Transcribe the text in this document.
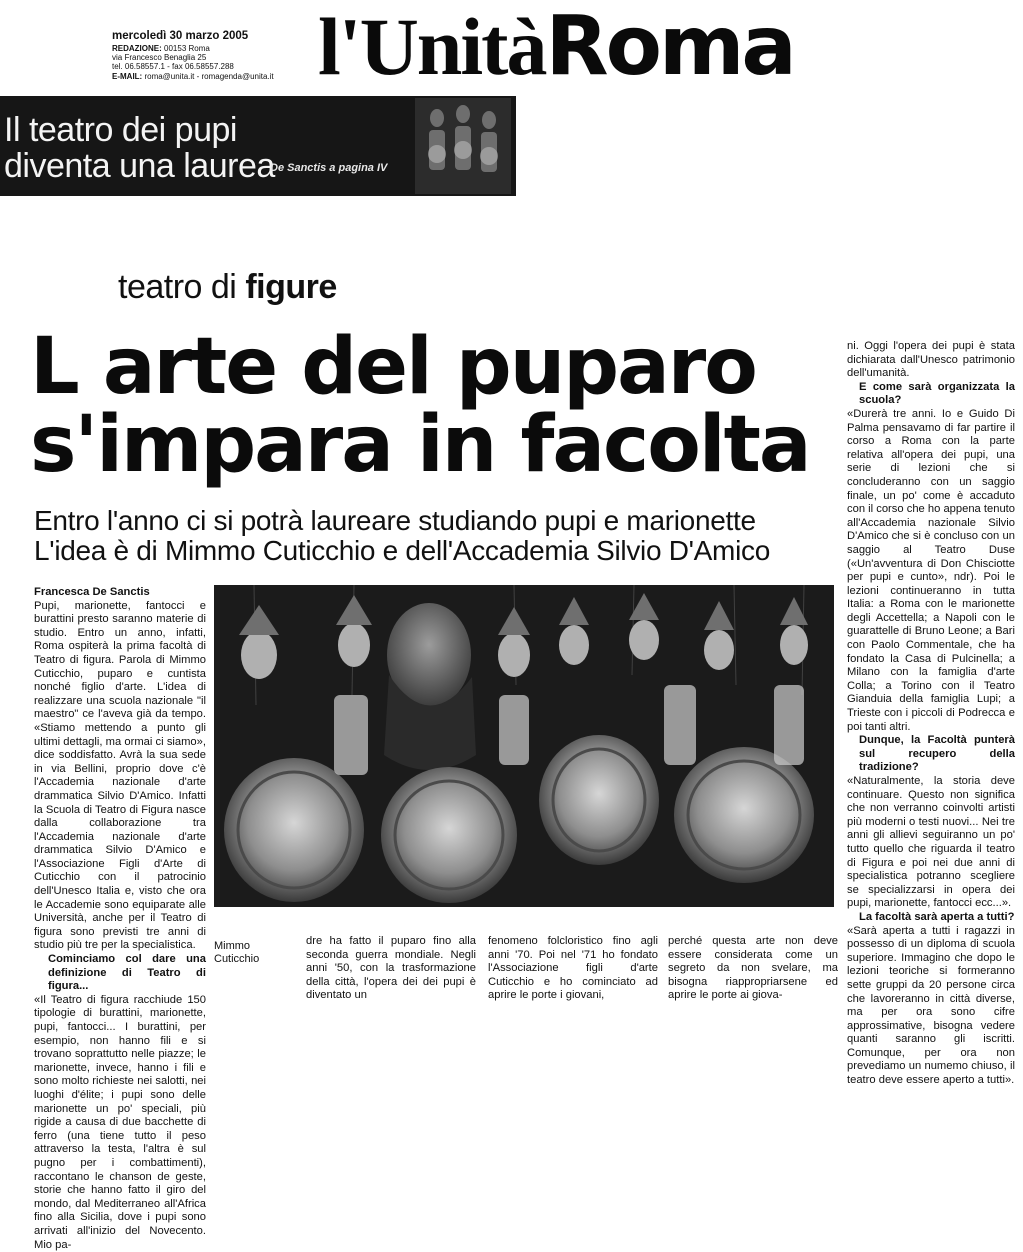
mercoledì 30 marzo 2005
REDAZIONE: 00153 Roma
via Francesco Benaglia 25
tel. 06.58557.1 - fax 06.58557.288
E-MAIL: roma@unita.it - romagenda@unita.it l'UnitàRoma
Il teatro dei pupi
diventa una laurea
De Sanctis a pagina IV
teatro di figure
L arte del puparo
s'impara in facolta
Entro l'anno ci si potrà laureare studiando pupi e marionette
L'idea è di Mimmo Cuticchio e dell'Accademia Silvio D'Amico
Francesca De Sanctis
Pupi, marionette, fantocci e burattini presto saranno materie di studio. Entro un anno, infatti, Roma ospiterà la prima facoltà di Teatro di figura. Parola di Mimmo Cuticchio, puparo e cuntista nonché figlio d'arte. L'idea di realizzare una scuola nazionale "il maestro" ce l'aveva già da tempo. «Stiamo mettendo a punto gli ultimi dettagli, ma ormai ci siamo», dice soddisfatto. Avrà la sua sede in via Bellini, proprio dove c'è l'Accademia nazionale d'arte drammatica Silvio D'Amico. Infatti la Scuola di Teatro di Figura nasce dalla collaborazione tra l'Accademia nazionale d'arte drammatica Silvio D'Amico e l'Associazione Figli d'Arte di Cuticchio con il patrocinio dell'Unesco Italia e, visto che ora le Accademie sono equiparate alle Università, anche per il Teatro di figura sono previsti tre anni di studio più tre per la specialistica.
Cominciamo col dare una definizione di Teatro di figura...
«Il Teatro di figura racchiude 150 tipologie di burattini, marionette, pupi, fantocci... I burattini, per esempio, non hanno fili e si trovano soprattutto nelle piazze; le marionette, invece, hanno i fili e sono molto richieste nei salotti, nei luoghi d'élite; i pupi sono delle marionette un po' speciali, più rigide a causa di due bacchette di ferro (una tiene tutto il peso attraverso la testa, l'altra è sul pugno per i combattimenti), raccontano le chanson de geste, storie che hanno fatto il giro del mondo, dal Mediterraneo all'Africa fino alla Sicilia, dove i pupi sono arrivati all'inizio del Novecento. Mio pa-
Mimmo Cuticchio
dre ha fatto il puparo fino alla seconda guerra mondiale. Negli anni '50, con la trasformazione della città, l'opera dei dei pupi è diventato un
fenomeno folcloristico fino agli anni '70. Poi nel '71 ho fondato l'Associazione figli d'arte Cuticchio e ho cominciato ad aprire le porte i giovani,
perché questa arte non deve essere considerata come un segreto da non svelare, ma bisogna riappropriarsene ed aprire le porte ai giova-
ni. Oggi l'opera dei pupi è stata dichiarata dall'Unesco patrimonio dell'umanità.
E come sarà organizzata la scuola?
«Durerà tre anni. Io e Guido Di Palma pensavamo di far partire il corso a Roma con la parte relativa all'opera dei pupi, una serie di lezioni che si concluderanno con un saggio finale, un po' come è accaduto con il corso che ho appena tenuto all'Accademia nazionale Silvio D'Amico che si è concluso con un saggio al Teatro Duse («Un'avventura di Don Chisciotte per pupi e cunto», ndr). Poi le lezioni continueranno in tutta Italia: a Roma con le marionette degli Accettella; a Napoli con le guarattelle di Bruno Leone; a Bari con Paolo Commentale, che ha fondato la Casa di Pulcinella; a Milano con la famiglia d'arte Colla; a Torino con il Teatro Gianduia della famiglia Lupi; a Trieste con i piccoli di Podrecca e poi tanti altri.
Dunque, la Facoltà punterà sul recupero della tradizione?
«Naturalmente, la storia deve continuare. Questo non significa che non verranno coinvolti artisti più moderni o testi nuovi... Nei tre anni gli allievi seguiranno un po' tutto quello che riguarda il teatro di Figura e poi nei due anni di specialistica potranno scegliere se specializzarsi in opera dei pupi, marionette, fantocci ecc...».
La facoltà sarà aperta a tutti?
«Sarà aperta a tutti i ragazzi in possesso di un diploma di scuola superiore. Immagino che dopo le lezioni teoriche si formeranno sette gruppi da 20 persone circa che lavoreranno in città diverse, ma per ora sono cifre approssimative, bisogna vedere quanti saranno gli iscritti. Comunque, per ora non prevediamo un numemo chiuso, il teatro deve essere aperto a tutti».
